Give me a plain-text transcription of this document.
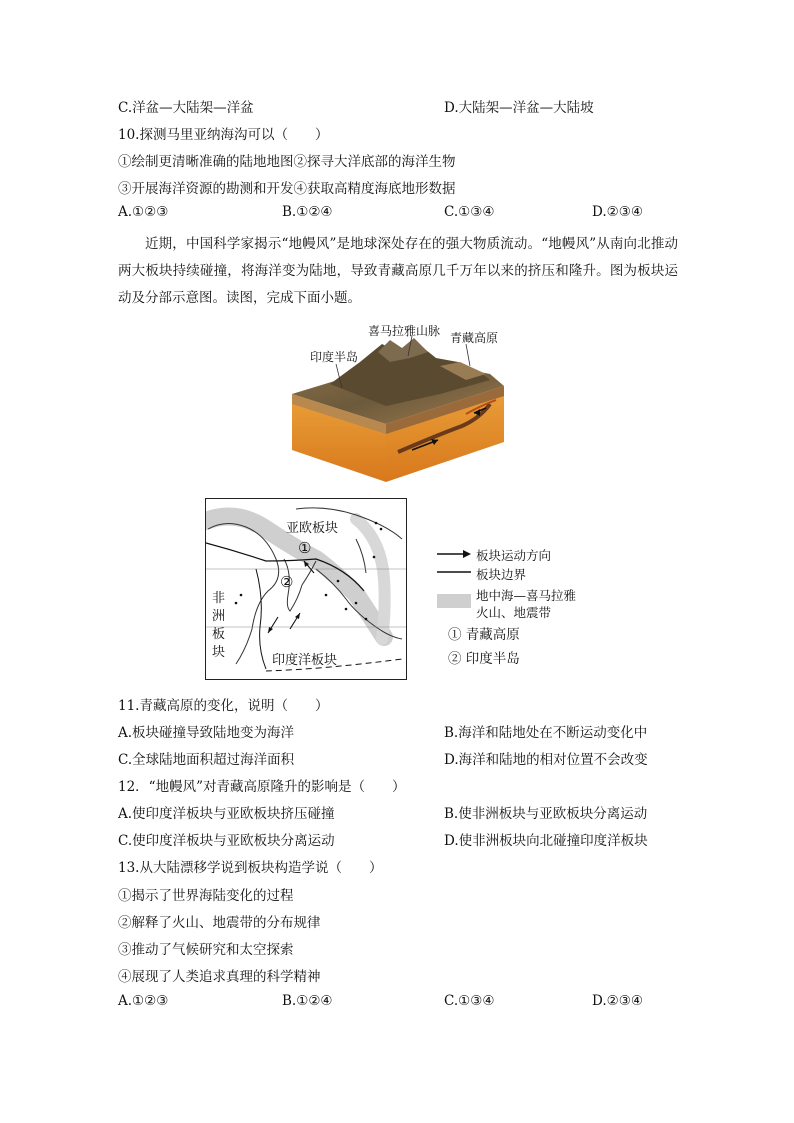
C.洋盆—大陆架—洋盆	D.大陆架—洋盆—大陆坡
10.探测马里亚纳海沟可以（　　）
①绘制更清晰准确的陆地地图②探寻大洋底部的海洋生物
③开展海洋资源的勘测和开发④获取高精度海底地形数据
A.①②③	B.①②④	C.①③④	D.②③④
近期，中国科学家揭示“地幔风”是地球深处存在的强大物质流动。“地幔风”从南向北推动两大板块持续碰撞，将海洋变为陆地，导致青藏高原几千万年以来的挤压和隆升。图为板块运动及分部示意图。读图，完成下面小题。
喜马拉雅山脉 青藏高原
印度半岛
亚欧板块
①
②
非
洲
板
块
印度洋板块
板块运动方向
板块边界
地中海—喜马拉雅
火山、地震带
① 青藏高原
② 印度半岛
11.青藏高原的变化，说明（　　）
A.板块碰撞导致陆地变为海洋	B.海洋和陆地处在不断运动变化中
C.全球陆地面积超过海洋面积	D.海洋和陆地的相对位置不会改变
12．“地幔风”对青藏高原隆升的影响是（　　）
A.使印度洋板块与亚欧板块挤压碰撞	B.使非洲板块与亚欧板块分离运动
C.使印度洋板块与亚欧板块分离运动	D.使非洲板块向北碰撞印度洋板块
13.从大陆漂移学说到板块构造学说（　　）
①揭示了世界海陆变化的过程
②解释了火山、地震带的分布规律
③推动了气候研究和太空探索
④展现了人类追求真理的科学精神
A.①②③	B.①②④	C.①③④	D.②③④
